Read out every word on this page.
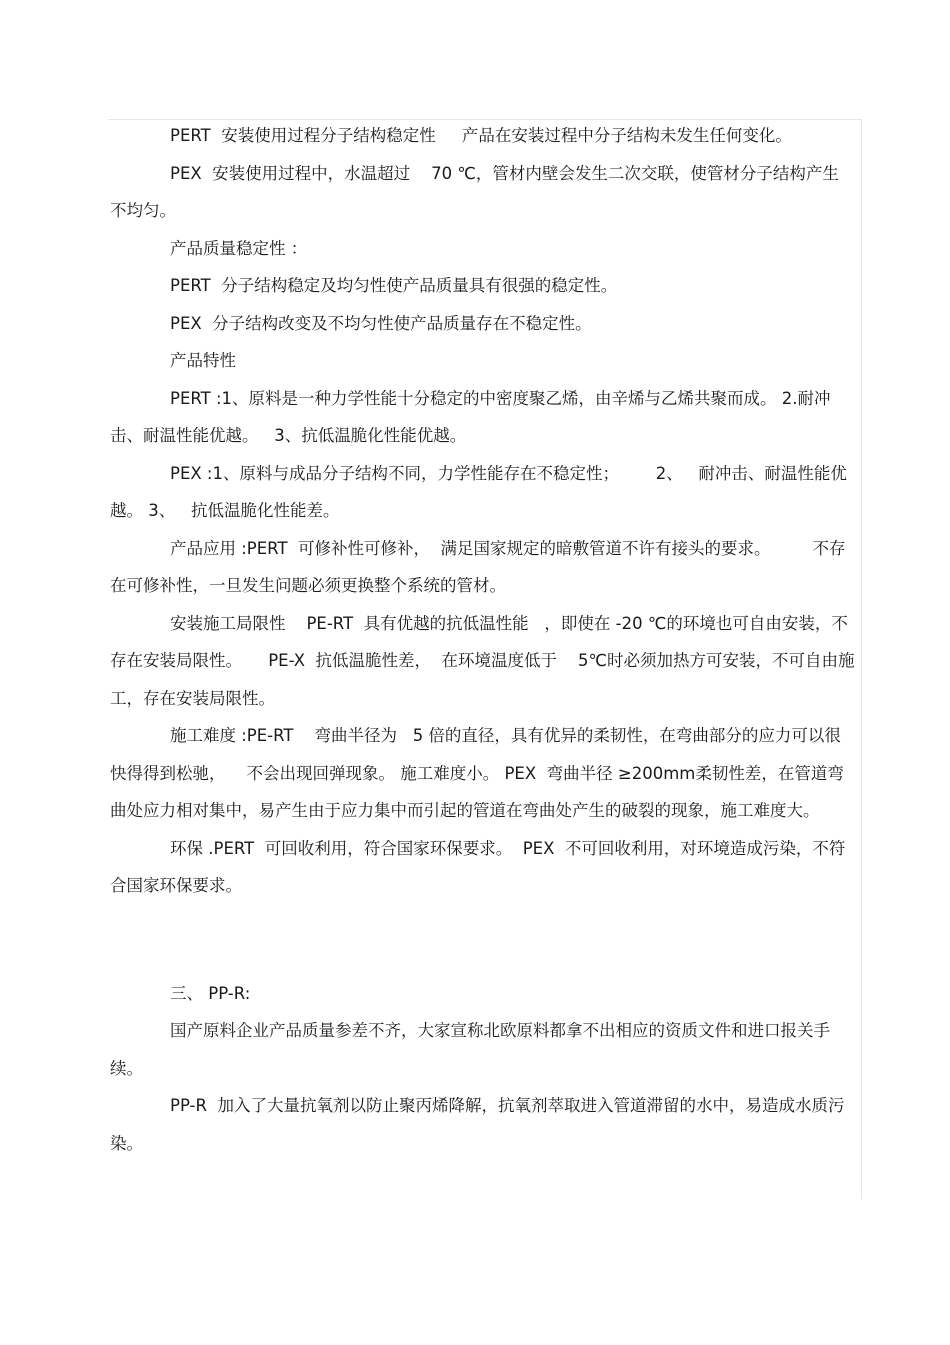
PERT  安装使用过程分子结构稳定性     产品在安装过程中分子结构未发生任何变化。

PEX  安装使用过程中，水温超过    70 ℃，管材内壁会发生二次交联，使管材分子结构产生不均匀。

产品质量稳定性 ：

PERT  分子结构稳定及均匀性使产品质量具有很强的稳定性。

PEX  分子结构改变及不均匀性使产品质量存在不稳定性。

产品特性

PERT :1、原料是一种力学性能十分稳定的中密度聚乙烯，由辛烯与乙烯共聚而成。 2.耐冲击、耐温性能优越。   3、抗低温脆化性能优越。

PEX :1、原料与成品分子结构不同，力学性能存在不稳定性；       2、   耐冲击、耐温性能优越。 3、   抗低温脆化性能差。

产品应用 :PERT  可修补性可修补，  满足国家规定的暗敷管道不许有接头的要求。        不存在可修补性，一旦发生问题必须更换整个系统的管材。

安装施工局限性    PE-RT  具有优越的抗低温性能   ，即使在 -20 ℃的环境也可自由安装，不存在安装局限性。     PE-X  抗低温脆性差，  在环境温度低于    5℃时必须加热方可安装，不可自由施工，存在安装局限性。

施工难度 :PE-RT    弯曲半径为   5 倍的直径，具有优异的柔韧性，在弯曲部分的应力可以很快得得到松驰，    不会出现回弹现象。 施工难度小。 PEX  弯曲半径 ≥200mm柔韧性差，在管道弯曲处应力相对集中，易产生由于应力集中而引起的管道在弯曲处产生的破裂的现象，施工难度大。

环保 .PERT  可回收利用，符合国家环保要求。  PEX  不可回收利用，对环境造成污染，不符合国家环保要求。

三、 PP-R:

国产原料企业产品质量参差不齐，大家宣称北欧原料都拿不出相应的资质文件和进口报关手续。

PP-R  加入了大量抗氧剂以防止聚丙烯降解，抗氧剂萃取进入管道滞留的水中，易造成水质污染。
